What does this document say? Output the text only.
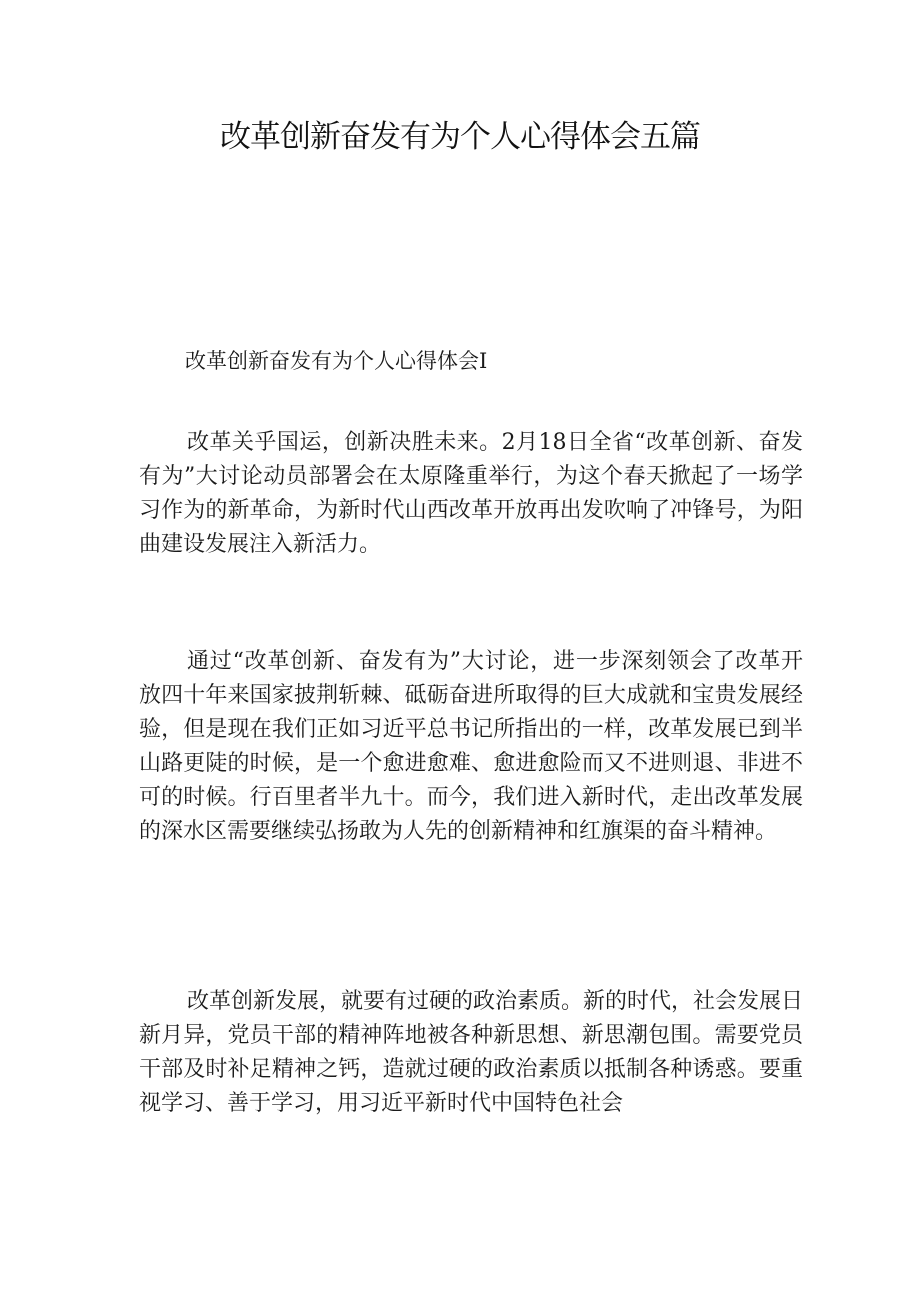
改革创新奋发有为个人心得体会五篇
改革创新奋发有为个人心得体会I

改革关乎国运，创新决胜未来。2月18日全省“改革创新、奋发有为”大讨论动员部署会在太原隆重举行，为这个春天掀起了一场学习作为的新革命，为新时代山西改革开放再出发吹响了冲锋号，为阳曲建设发展注入新活力。

通过“改革创新、奋发有为”大讨论，进一步深刻领会了改革开放四十年来国家披荆斩棘、砥砺奋进所取得的巨大成就和宝贵发展经验，但是现在我们正如习近平总书记所指出的一样，改革发展已到半山路更陡的时候，是一个愈进愈难、愈进愈险而又不进则退、非进不可的时候。行百里者半九十。而今，我们进入新时代，走出改革发展的深水区需要继续弘扬敢为人先的创新精神和红旗渠的奋斗精神。

改革创新发展，就要有过硬的政治素质。新的时代，社会发展日新月异，党员干部的精神阵地被各种新思想、新思潮包围。需要党员干部及时补足精神之钙，造就过硬的政治素质以抵制各种诱惑。要重视学习、善于学习，用习近平新时代中国特色社会
